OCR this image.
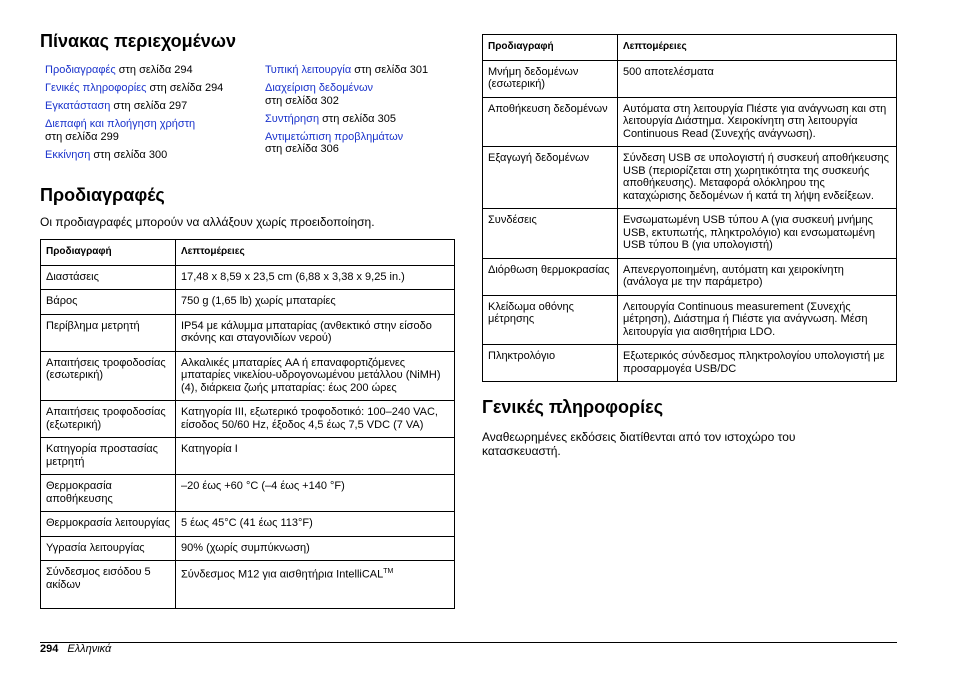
Πίνακας περιεχομένων
Προδιαγραφές στη σελίδα 294
Γενικές πληροφορίες στη σελίδα 294
Εγκατάσταση στη σελίδα 297
Διεπαφή και πλοήγηση χρήστη
στη σελίδα 299
Εκκίνηση στη σελίδα 300
Τυπική λειτουργία στη σελίδα 301
Διαχείριση δεδομένων
στη σελίδα 302
Συντήρηση στη σελίδα 305
Αντιμετώπιση προβλημάτων
στη σελίδα 306
Προδιαγραφές

Οι προδιαγραφές μπορούν να αλλάξουν χωρίς προειδοποίηση.

Προδιαγραφή	Λεπτομέρειες
Διαστάσεις	17,48 x 8,59 x 23,5 cm (6,88 x 3,38 x 9,25 in.)
Βάρος	750 g (1,65 lb) χωρίς μπαταρίες
Περίβλημα μετρητή	IP54 με κάλυμμα μπαταρίας (ανθεκτικό στην είσοδο σκόνης και σταγονιδίων νερού)
Απαιτήσεις τροφοδοσίας (εσωτερική)	Αλκαλικές μπαταρίες AA ή επαναφορτιζόμενες μπαταρίες νικελίου-υδρογονωμένου μετάλλου (NiMH) (4), διάρκεια ζωής μπαταρίας: έως 200 ώρες
Απαιτήσεις τροφοδοσίας (εξωτερική)	Κατηγορία III, εξωτερικό τροφοδοτικό: 100–240 VAC, είσοδος 50/60 Hz, έξοδος 4,5 έως 7,5 VDC (7 VA)
Κατηγορία προστασίας μετρητή	Κατηγορία I
Θερμοκρασία αποθήκευσης	–20 έως +60 °C (–4 έως +140 °F)
Θερμοκρασία λειτουργίας	5 έως 45°C (41 έως 113°F)
Υγρασία λειτουργίας	90% (χωρίς συμπύκνωση)
Σύνδεσμος εισόδου 5 ακίδων	Σύνδεσμος M12 για αισθητήρια IntelliCAL™
Προδιαγραφή	Λεπτομέρειες
Μνήμη δεδομένων (εσωτερική)	500 αποτελέσματα
Αποθήκευση δεδομένων	Αυτόματα στη λειτουργία Πιέστε για ανάγνωση και στη λειτουργία Διάστημα. Χειροκίνητη στη λειτουργία Continuous Read (Συνεχής ανάγνωση).
Εξαγωγή δεδομένων	Σύνδεση USB σε υπολογιστή ή συσκευή αποθήκευσης USB (περιορίζεται στη χωρητικότητα της συσκευής αποθήκευσης). Μεταφορά ολόκληρου της καταχώρισης δεδομένων ή κατά τη λήψη ενδείξεων.
Συνδέσεις	Ενσωματωμένη USB τύπου A (για συσκευή μνήμης USB, εκτυπωτής, πληκτρολόγιο) και ενσωματωμένη USB τύπου B (για υπολογιστή)
Διόρθωση θερμοκρασίας	Απενεργοποιημένη, αυτόματη και χειροκίνητη (ανάλογα με την παράμετρο)
Κλείδωμα οθόνης μέτρησης	Λειτουργία Continuous measurement (Συνεχής μέτρηση), Διάστημα ή Πιέστε για ανάγνωση. Μέση λειτουργία για αισθητήρια LDO.
Πληκτρολόγιο	Εξωτερικός σύνδεσμος πληκτρολογίου υπολογιστή με προσαρμογέα USB/DC
Γενικές πληροφορίες
Αναθεωρημένες εκδόσεις διατίθενται από τον ιστοχώρο του κατασκευαστή.
294 Ελληνικά
